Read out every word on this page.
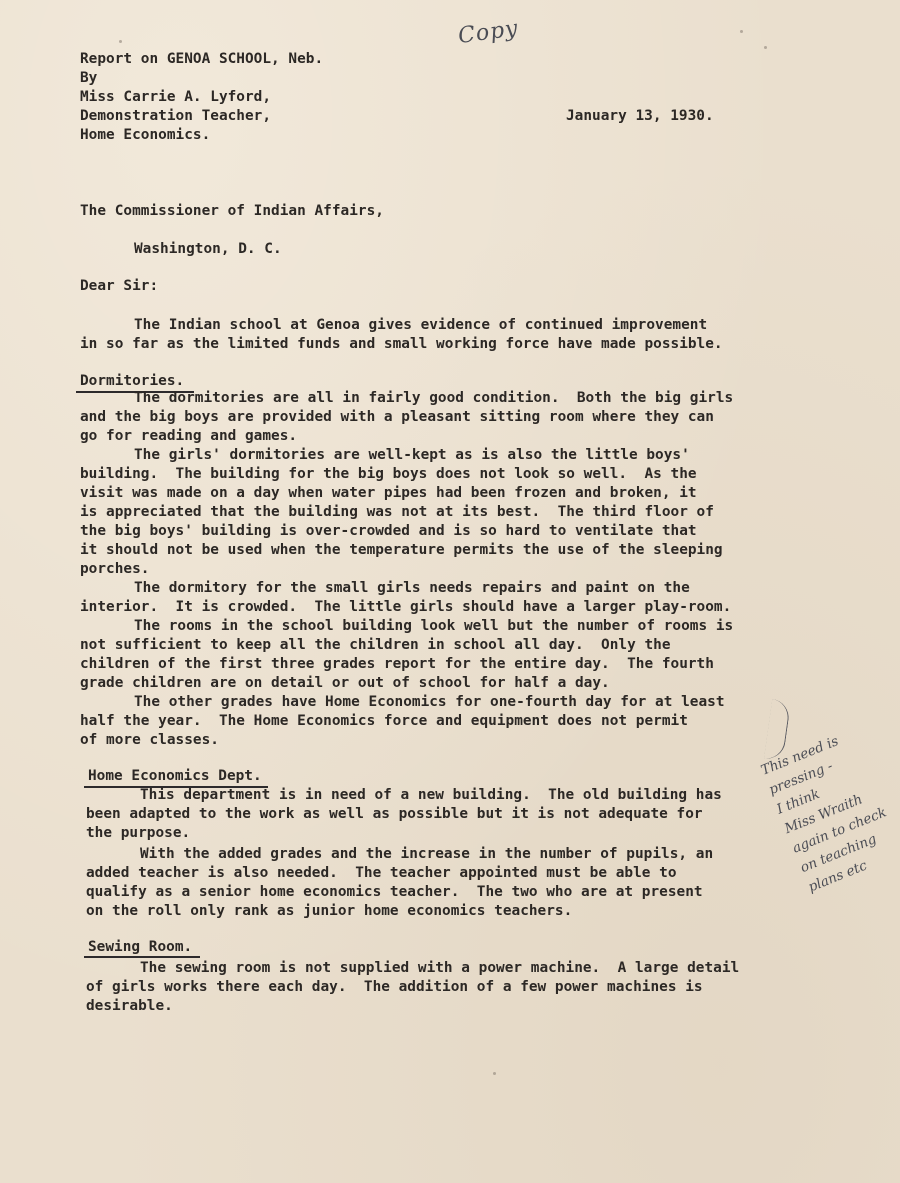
Copy
Report on GENOA SCHOOL, Neb.
By
Miss Carrie A. Lyford,
Demonstration Teacher,
Home Economics.
January 13, 1930.
The Commissioner of Indian Affairs,
Washington, D. C.
Dear Sir:
The Indian school at Genoa gives evidence of continued improvement
in so far as the limited funds and small working force have made possible.
Dormitories.
The dormitories are all in fairly good condition.  Both the big girls
and the big boys are provided with a pleasant sitting room where they can
go for reading and games.
The girls' dormitories are well-kept as is also the little boys'
building.  The building for the big boys does not look so well.  As the
visit was made on a day when water pipes had been frozen and broken, it
is appreciated that the building was not at its best.  The third floor of
the big boys' building is over-crowded and is so hard to ventilate that
it should not be used when the temperature permits the use of the sleeping
porches.
The dormitory for the small girls needs repairs and paint on the
interior.  It is crowded.  The little girls should have a larger play-room.
The rooms in the school building look well but the number of rooms is
not sufficient to keep all the children in school all day.  Only the
children of the first three grades report for the entire day.  The fourth
grade children are on detail or out of school for half a day.
The other grades have Home Economics for one-fourth day for at least
half the year.  The Home Economics force and equipment does not permit
of more classes.
Home Economics Dept.
This department is in need of a new building.  The old building has
been adapted to the work as well as possible but it is not adequate for
the purpose.
With the added grades and the increase in the number of pupils, an
added teacher is also needed.  The teacher appointed must be able to
qualify as a senior home economics teacher.  The two who are at present
on the roll only rank as junior home economics teachers.
Sewing Room.
The sewing room is not supplied with a power machine.  A large detail
of girls works there each day.  The addition of a few power machines is
desirable.
This need is
pressing -
I think
Miss Wraith
again to check
on teaching
plans etc
